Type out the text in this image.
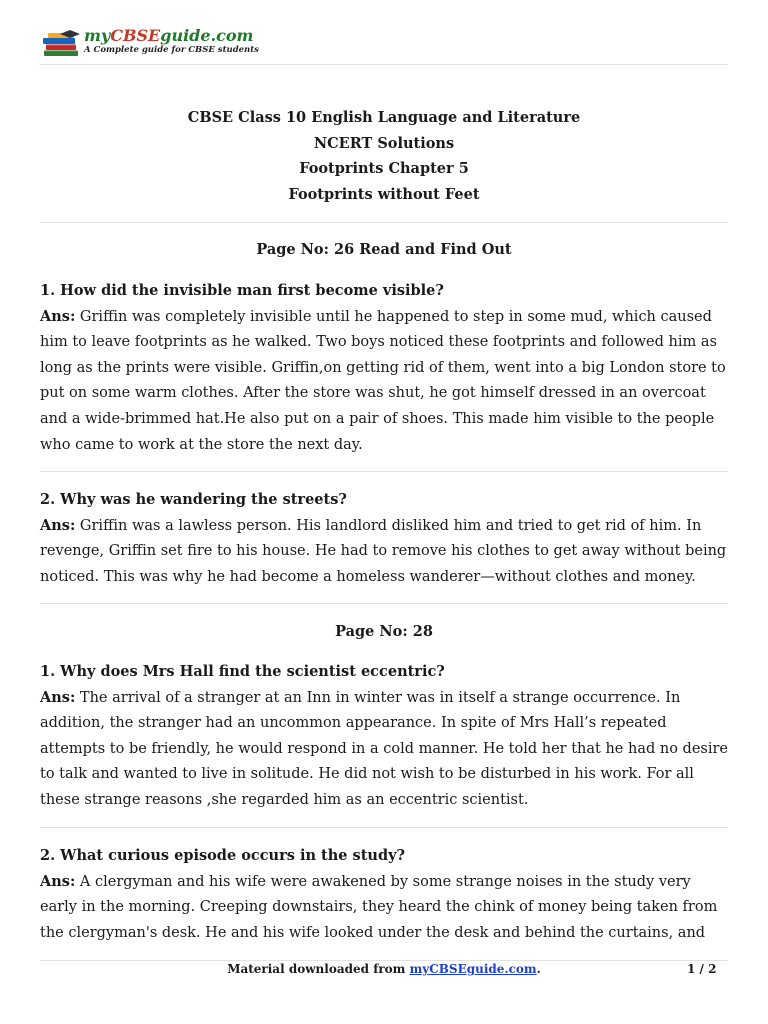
myCBSEguide.com
A Complete guide for CBSE students
CBSE Class 10 English Language and Literature
NCERT Solutions
Footprints Chapter 5
Footprints without Feet
Page No: 26 Read and Find Out
1. How did the invisible man first become visible?
Ans: Griffin was completely invisible until he happened to step in some mud, which caused him to leave footprints as he walked. Two boys noticed these footprints and followed him as long as the prints were visible. Griffin,on getting rid of them, went into a big London store to put on some warm clothes. After the store was shut, he got himself dressed in an overcoat and a wide-brimmed hat.He also put on a pair of shoes. This made him visible to the people who came to work at the store the next day.
2. Why was he wandering the streets?
Ans: Griffin was a lawless person. His landlord disliked him and tried to get rid of him. In revenge, Griffin set fire to his house. He had to remove his clothes to get away without being noticed. This was why he had become a homeless wanderer—without clothes and money.
Page No: 28
1. Why does Mrs Hall find the scientist eccentric?
Ans: The arrival of a stranger at an Inn in winter was in itself a strange occurrence. In addition, the stranger had an uncommon appearance. In spite of Mrs Hall’s repeated attempts to be friendly, he would respond in a cold manner. He told her that he had no desire to talk and wanted to live in solitude. He did not wish to be disturbed in his work. For all these strange reasons ,she regarded him as an eccentric scientist.
2. What curious episode occurs in the study?
Ans: A clergyman and his wife were awakened by some strange noises in the study very early in the morning. Creeping downstairs, they heard the chink of money being taken from the clergyman's desk. He and his wife looked under the desk and behind the curtains, and
Material downloaded from myCBSEguide.com.	1 / 2
